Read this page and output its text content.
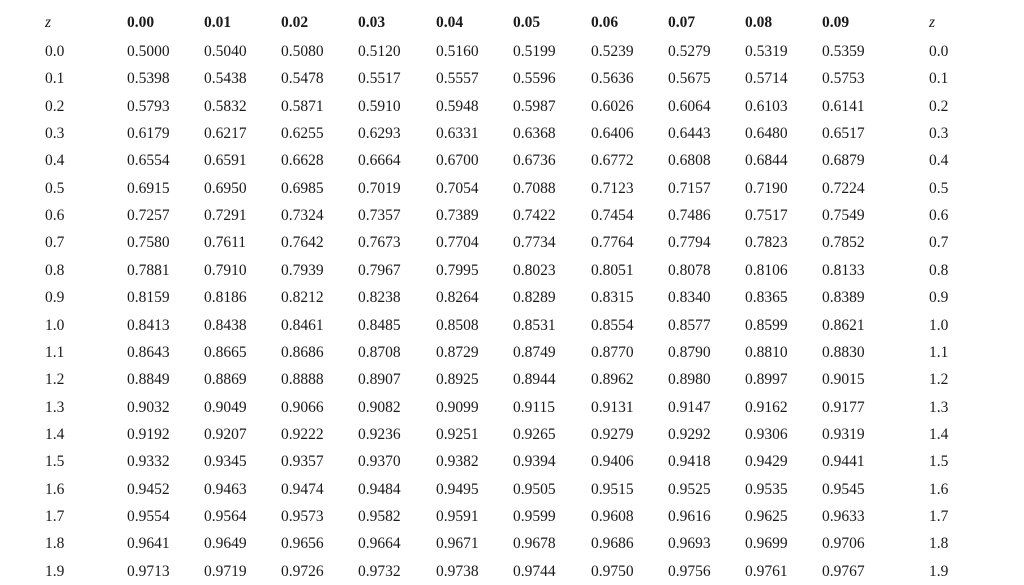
z	0.00	0.01	0.02	0.03	0.04	0.05	0.06	0.07	0.08	0.09	z
0.0	0.5000 0.5040 0.5080 0.5120 0.5160 0.5199 0.5239 0.5279 0.5319 0.5359	0.0
0.1	0.5398 0.5438 0.5478 0.5517 0.5557 0.5596 0.5636 0.5675 0.5714 0.5753	0.1
0.2	0.5793 0.5832 0.5871 0.5910 0.5948 0.5987 0.6026 0.6064 0.6103 0.6141	0.2
0.3	0.6179 0.6217 0.6255 0.6293 0.6331 0.6368 0.6406 0.6443 0.6480 0.6517	0.3
0.4	0.6554 0.6591 0.6628 0.6664 0.6700 0.6736 0.6772 0.6808 0.6844 0.6879	0.4
0.5	0.6915 0.6950 0.6985 0.7019 0.7054 0.7088 0.7123 0.7157 0.7190 0.7224	0.5
0.6	0.7257 0.7291 0.7324 0.7357 0.7389 0.7422 0.7454 0.7486 0.7517 0.7549	0.6
0.7	0.7580 0.7611 0.7642 0.7673 0.7704 0.7734 0.7764 0.7794 0.7823 0.7852	0.7
0.8	0.7881 0.7910 0.7939 0.7967 0.7995 0.8023 0.8051 0.8078 0.8106 0.8133	0.8
0.9	0.8159 0.8186 0.8212 0.8238 0.8264 0.8289 0.8315 0.8340 0.8365 0.8389	0.9
1.0	0.8413 0.8438 0.8461 0.8485 0.8508 0.8531 0.8554 0.8577 0.8599 0.8621	1.0
1.1	0.8643 0.8665 0.8686 0.8708 0.8729 0.8749 0.8770 0.8790 0.8810 0.8830	1.1
1.2	0.8849 0.8869 0.8888 0.8907 0.8925 0.8944 0.8962 0.8980 0.8997 0.9015	1.2
1.3	0.9032 0.9049 0.9066 0.9082 0.9099 0.9115 0.9131 0.9147 0.9162 0.9177	1.3
1.4	0.9192 0.9207 0.9222 0.9236 0.9251 0.9265 0.9279 0.9292 0.9306 0.9319	1.4
1.5	0.9332 0.9345 0.9357 0.9370 0.9382 0.9394 0.9406 0.9418 0.9429 0.9441	1.5
1.6	0.9452 0.9463 0.9474 0.9484 0.9495 0.9505 0.9515 0.9525 0.9535 0.9545	1.6
1.7	0.9554 0.9564 0.9573 0.9582 0.9591 0.9599 0.9608 0.9616 0.9625 0.9633	1.7
1.8	0.9641 0.9649 0.9656 0.9664 0.9671 0.9678 0.9686 0.9693 0.9699 0.9706	1.8
1.9	0.9713 0.9719 0.9726 0.9732 0.9738 0.9744 0.9750 0.9756 0.9761 0.9767	1.9
